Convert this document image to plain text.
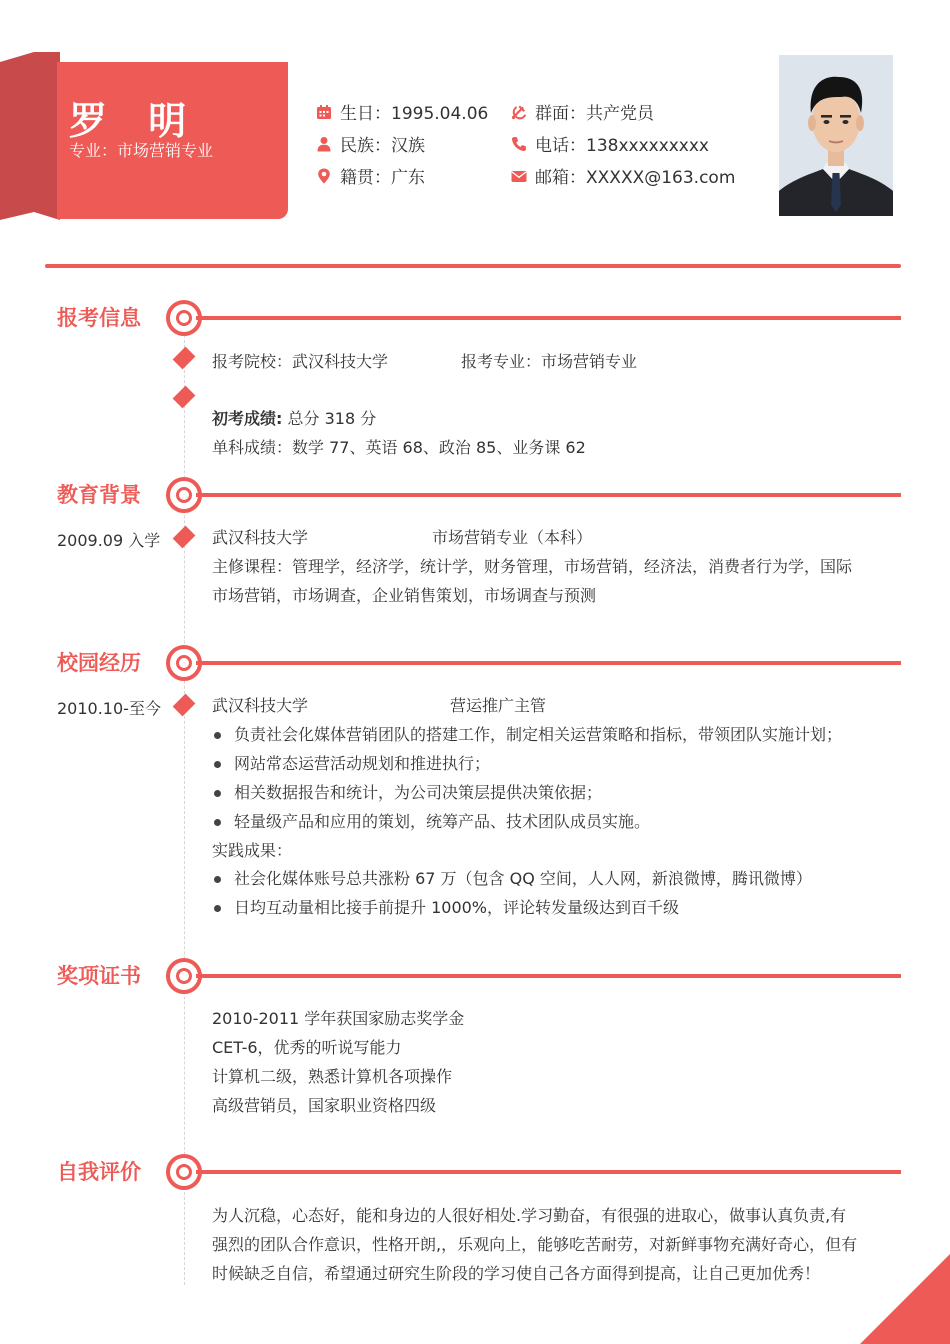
罗 明
专业：市场营销专业
生日：1995.04.06
民族：汉族
籍贯：广东
群面：共产党员
电话：138xxxxxxxxx
邮箱：XXXXX@163.com
报考信息
报考院校：武汉科技大学	报考专业：市场营销专业
初考成绩: 总分 318 分
单科成绩：数学 77、英语 68、政治 85、业务课 62
教育背景
2009.09 入学	武汉科技大学	市场营销专业（本科）
主修课程：管理学，经济学，统计学，财务管理，市场营销，经济法，消费者行为学，国际
市场营销，市场调查，企业销售策划，市场调查与预测
校园经历
2010.10-至今	武汉科技大学	营运推广主管
负责社会化媒体营销团队的搭建工作，制定相关运营策略和指标，带领团队实施计划；
网站常态运营活动规划和推进执行；
相关数据报告和统计，为公司决策层提供决策依据；
轻量级产品和应用的策划，统筹产品、技术团队成员实施。
实践成果：
社会化媒体账号总共涨粉 67 万（包含 QQ 空间，人人网，新浪微博，腾讯微博）
日均互动量相比接手前提升 1000%，评论转发量级达到百千级
奖项证书
2010-2011 学年获国家励志奖学金
CET-6，优秀的听说写能力
计算机二级，熟悉计算机各项操作
高级营销员，国家职业资格四级
自我评价
为人沉稳，心态好，能和身边的人很好相处.学习勤奋，有很强的进取心，做事认真负责,有
强烈的团队合作意识，性格开朗,，乐观向上，能够吃苦耐劳，对新鲜事物充满好奇心，但有
时候缺乏自信，希望通过研究生阶段的学习使自己各方面得到提高，让自己更加优秀！
